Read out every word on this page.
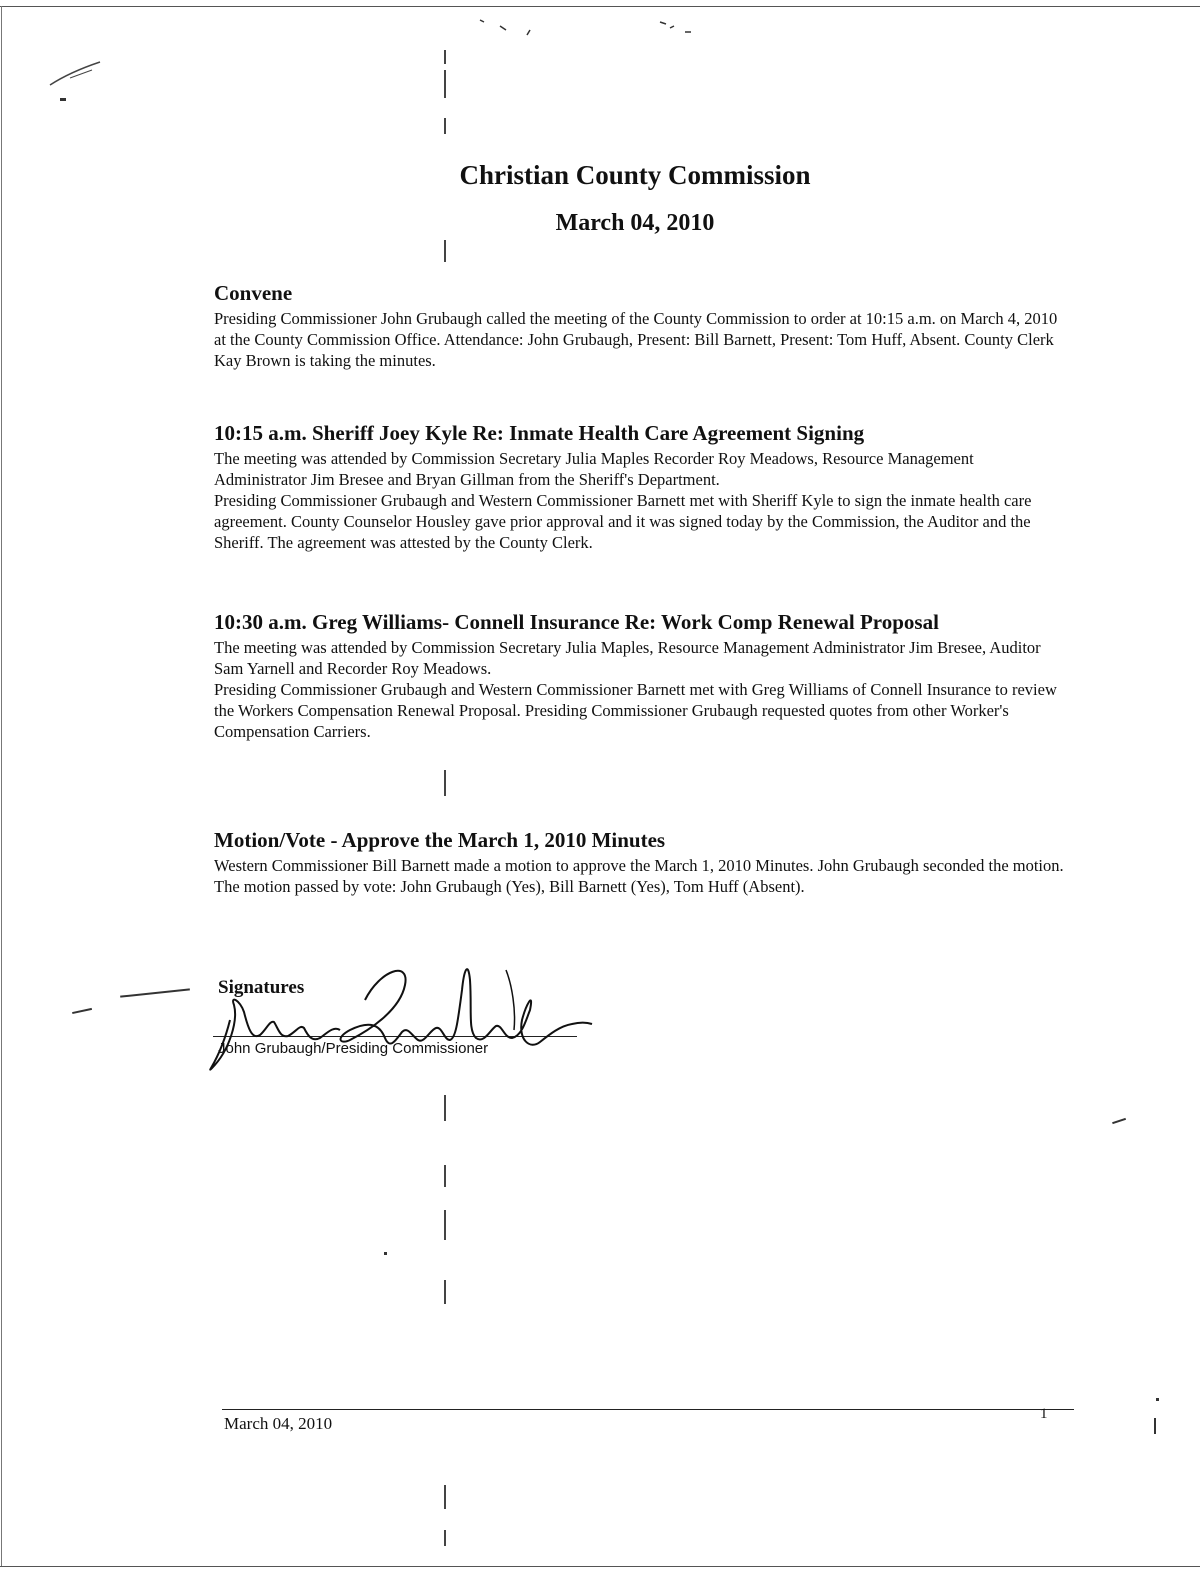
Christian County Commission
March 04, 2010
Convene

Presiding Commissioner John Grubaugh called the meeting of the County Commission to order at 10:15 a.m. on March 4, 2010 at the County Commission Office. Attendance: John Grubaugh, Present: Bill Barnett, Present: Tom Huff, Absent. County Clerk Kay Brown is taking the minutes.

10:15 a.m. Sheriff Joey Kyle Re: Inmate Health Care Agreement Signing

The meeting was attended by Commission Secretary Julia Maples Recorder Roy Meadows, Resource Management Administrator Jim Bresee and Bryan Gillman from the Sheriff's Department.

Presiding Commissioner Grubaugh and Western Commissioner Barnett met with Sheriff Kyle to sign the inmate health care agreement. County Counselor Housley gave prior approval and it was signed today by the Commission, the Auditor and the Sheriff. The agreement was attested by the County Clerk.

10:30 a.m. Greg Williams- Connell Insurance Re: Work Comp Renewal Proposal

The meeting was attended by Commission Secretary Julia Maples, Resource Management Administrator Jim Bresee, Auditor Sam Yarnell and Recorder Roy Meadows.

Presiding Commissioner Grubaugh and Western Commissioner Barnett met with Greg Williams of Connell Insurance to review the Workers Compensation Renewal Proposal. Presiding Commissioner Grubaugh requested quotes from other Worker's Compensation Carriers.

Motion/Vote - Approve the March 1, 2010 Minutes

Western Commissioner Bill Barnett made a motion to approve the March 1, 2010 Minutes. John Grubaugh seconded the motion. The motion passed by vote: John Grubaugh (Yes), Bill Barnett (Yes), Tom Huff (Absent).

Signatures
John Grubaugh/Presiding Commissioner
March 04, 2010	1
